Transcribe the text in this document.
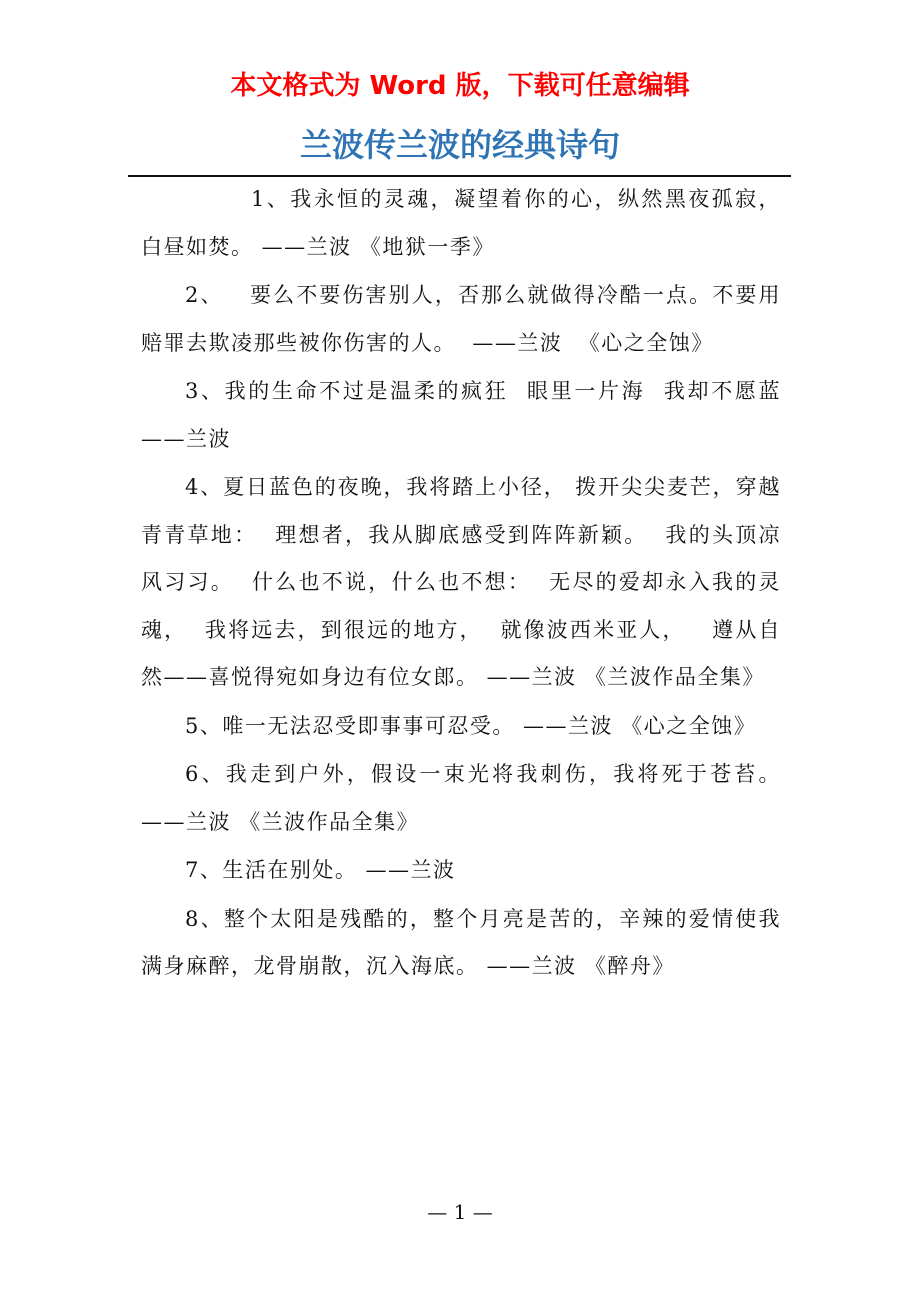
本文格式为 Word 版，下载可任意编辑
兰波传兰波的经典诗句

1、我永恒的灵魂，凝望着你的心，纵然黑夜孤寂，白昼如焚。 ——兰波 《地狱一季》

2、   要么不要伤害别人，否那么就做得冷酷一点。不要用赔罪去欺凌那些被你伤害的人。  ——兰波  《心之全蚀》

3、我的生命不过是温柔的疯狂  眼里一片海  我却不愿蓝 ——兰波

4、夏日蓝色的夜晚，我将踏上小径， 拨开尖尖麦芒，穿越青青草地：  理想者，我从脚底感受到阵阵新颖。  我的头顶凉风习习。  什么也不说，什么也不想：  无尽的爱却永入我的灵魂，  我将远去，到很远的地方，  就像波西米亚人，   遵从自然——喜悦得宛如身边有位女郎。 ——兰波 《兰波作品全集》

5、唯一无法忍受即事事可忍受。 ——兰波 《心之全蚀》

6、我走到户外，假设一束光将我刺伤，我将死于苍苔。 ——兰波 《兰波作品全集》

7、生活在别处。 ——兰波

8、整个太阳是残酷的，整个月亮是苦的，辛辣的爱情使我满身麻醉，龙骨崩散，沉入海底。 ——兰波 《醉舟》

— 1 —
